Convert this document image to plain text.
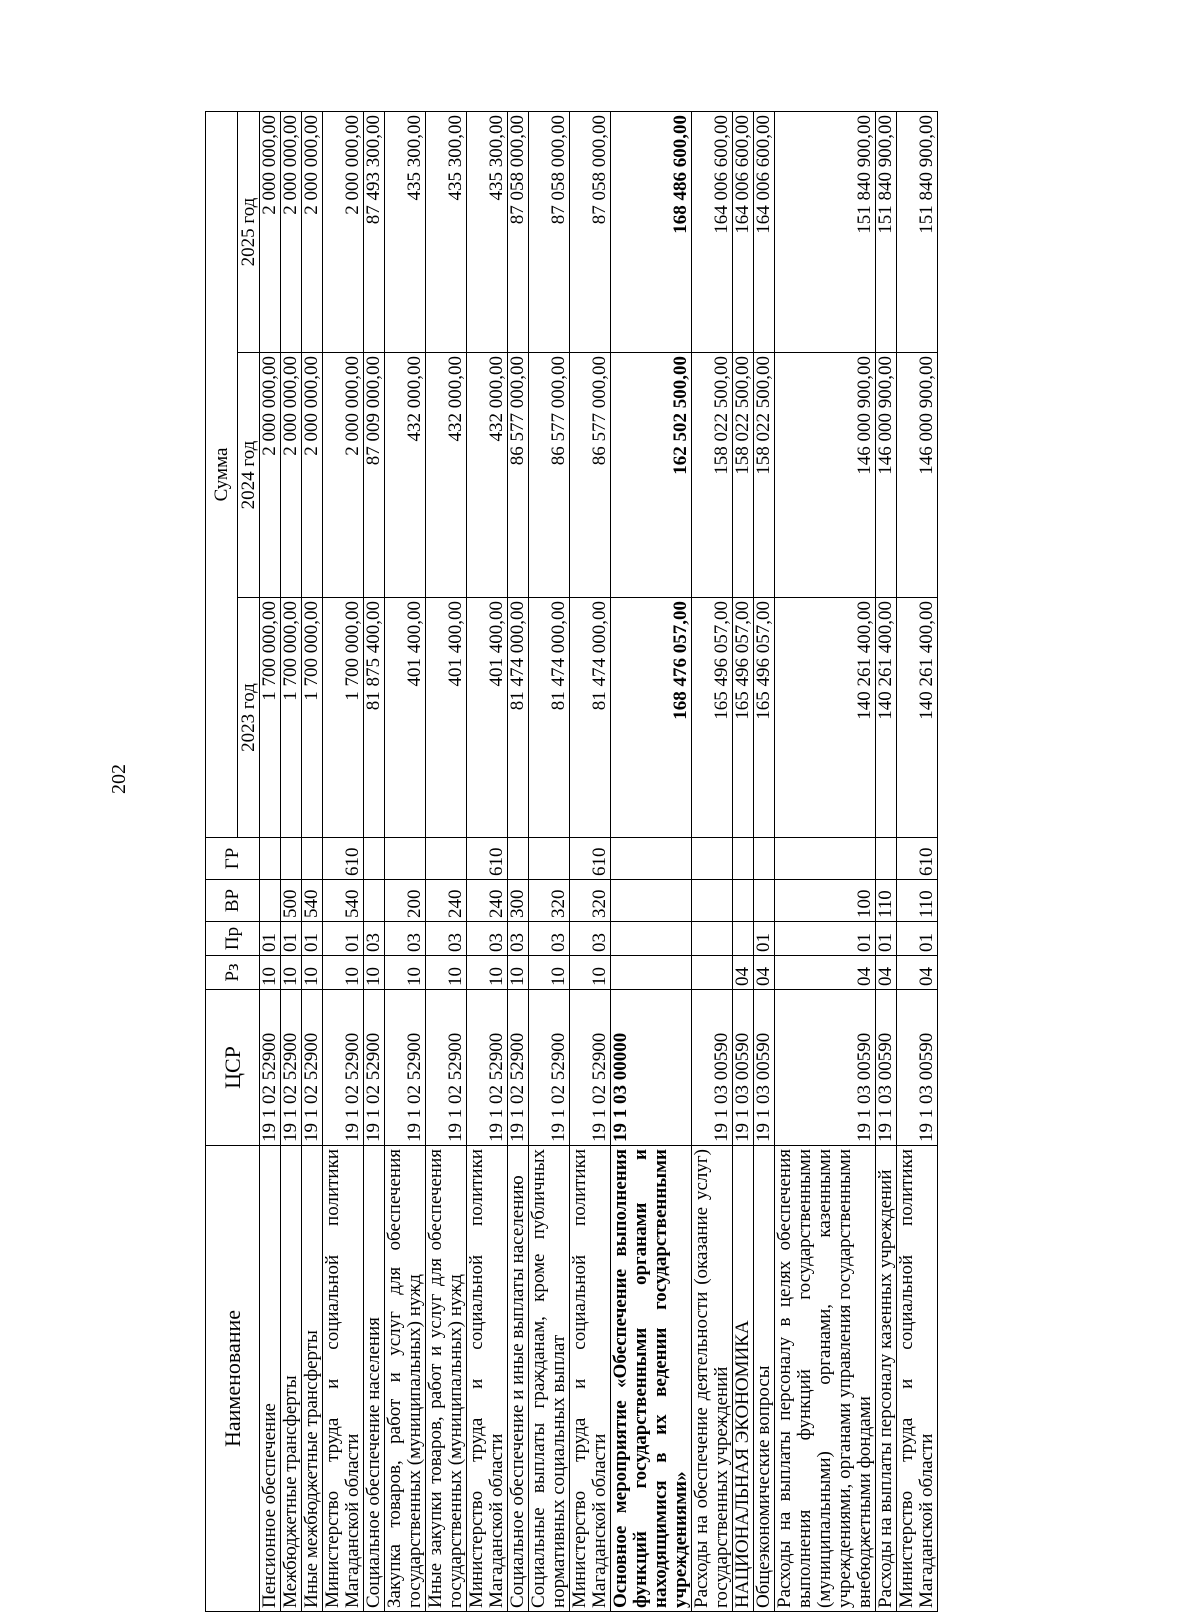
202
Наименование	ЦСР	Рз	Пр	ВР	ГР	Сумма		
						2023 год	2024 год	2025 год
Пенсионное обеспечение	19 1 02 52900	10	01			1 700 000,00	2 000 000,00	2 000 000,00
Межбюджетные трансферты	19 1 02 52900	10	01	500		1 700 000,00	2 000 000,00	2 000 000,00
Иные межбюджетные трансферты	19 1 02 52900	10	01	540		1 700 000,00	2 000 000,00	2 000 000,00
Министерство труда и социальной политики Магаданской области	19 1 02 52900	10	01	540	610	1 700 000,00	2 000 000,00	2 000 000,00
Социальное обеспечение населения	19 1 02 52900	10	03			81 875 400,00	87 009 000,00	87 493 300,00
Закупка товаров, работ и услуг для обеспечения государственных (муниципальных) нужд	19 1 02 52900	10	03	200		401 400,00	432 000,00	435 300,00
Иные закупки товаров, работ и услуг для обеспечения государственных (муниципальных) нужд	19 1 02 52900	10	03	240		401 400,00	432 000,00	435 300,00
Министерство труда и социальной политики Магаданской области	19 1 02 52900	10	03	240	610	401 400,00	432 000,00	435 300,00
Социальное обеспечение и иные выплаты населению	19 1 02 52900	10	03	300		81 474 000,00	86 577 000,00	87 058 000,00
Социальные выплаты гражданам, кроме публичных нормативных социальных выплат	19 1 02 52900	10	03	320		81 474 000,00	86 577 000,00	87 058 000,00
Министерство труда и социальной политики Магаданской области	19 1 02 52900	10	03	320	610	81 474 000,00	86 577 000,00	87 058 000,00
Основное мероприятие «Обеспечение выполнения функций государственными органами и находящимися в их ведении государственными учреждениями»	19 1 03 00000					168 476 057,00	162 502 500,00	168 486 600,00
Расходы на обеспечение деятельности (оказание услуг) государственных учреждений	19 1 03 00590					165 496 057,00	158 022 500,00	164 006 600,00
НАЦИОНАЛЬНАЯ ЭКОНОМИКА	19 1 03 00590	04				165 496 057,00	158 022 500,00	164 006 600,00
Общеэкономические вопросы	19 1 03 00590	04	01			165 496 057,00	158 022 500,00	164 006 600,00
Расходы на выплаты персоналу в целях обеспечения выполнения функций государственными (муниципальными) органами, казенными учреждениями, органами управления государственными внебюджетными фондами	19 1 03 00590	04	01	100		140 261 400,00	146 000 900,00	151 840 900,00
Расходы на выплаты персоналу казенных учреждений	19 1 03 00590	04	01	110		140 261 400,00	146 000 900,00	151 840 900,00
Министерство труда и социальной политики Магаданской области	19 1 03 00590	04	01	110	610	140 261 400,00	146 000 900,00	151 840 900,00
